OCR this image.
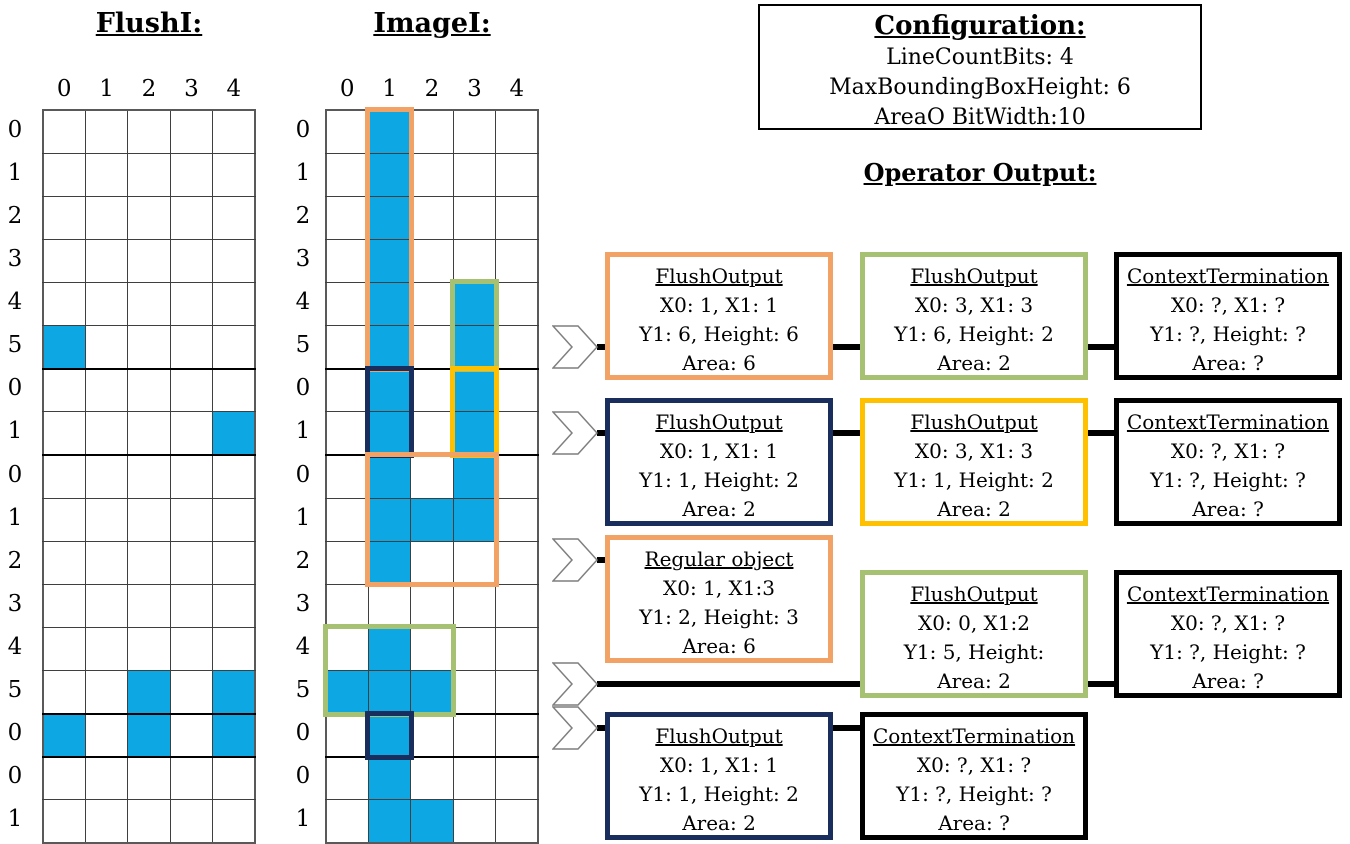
FlushI:	ImageI:
0	1	2	3	4
0
1
2
3
4
5
0
1
0
1
2
3
4
5
0
0
1
0	1	2	3	4
0
1
2
3
4
5
0
1
0
1
2
3
4
5
0
0
1
Configuration:
LineCountBits: 4
MaxBoundingBoxHeight: 6
AreaO BitWidth:10
Operator Output:
FlushOutput
X0: 1, X1: 1
Y1: 6, Height: 6
Area: 6
FlushOutput
X0: 3, X1: 3
Y1: 6, Height: 2
Area: 2
ContextTermination
X0: ?, X1: ?
Y1: ?, Height: ?
Area: ?
FlushOutput
X0: 1, X1: 1
Y1: 1, Height: 2
Area: 2
FlushOutput
X0: 3, X1: 3
Y1: 1, Height: 2
Area: 2
ContextTermination
X0: ?, X1: ?
Y1: ?, Height: ?
Area: ?
Regular object
X0: 1, X1:3
Y1: 2, Height: 3
Area: 6
FlushOutput
X0: 0, X1:2
Y1: 5, Height:
Area: 2
ContextTermination
X0: ?, X1: ?
Y1: ?, Height: ?
Area: ?
FlushOutput
X0: 1, X1: 1
Y1: 1, Height: 2
Area: 2
ContextTermination
X0: ?, X1: ?
Y1: ?, Height: ?
Area: ?
